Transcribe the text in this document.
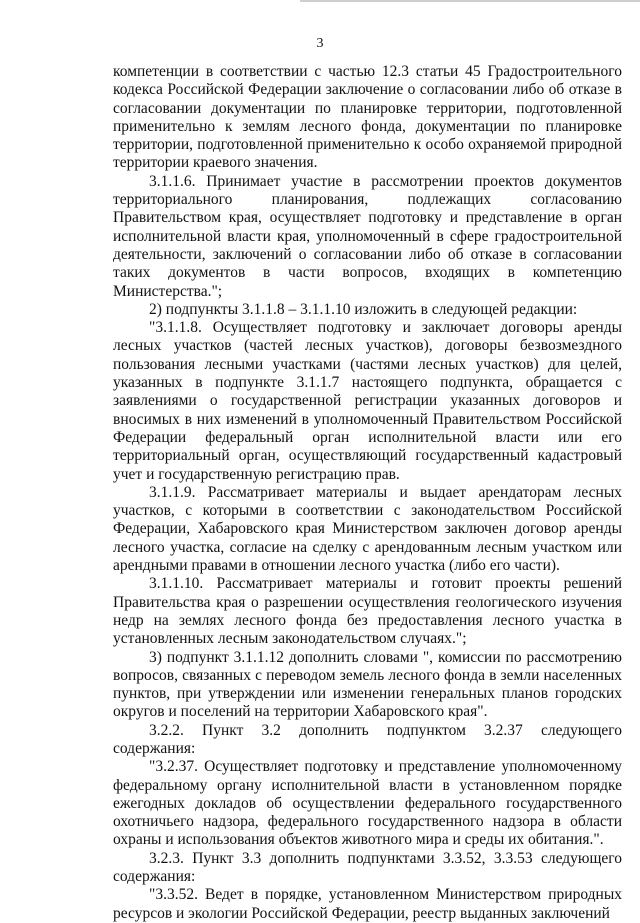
3

компетенции в соответствии с частью 12.3 статьи 45 Градостроительного кодекса Российской Федерации заключение о согласовании либо об отказе в согласовании документации по планировке территории, подготовленной применительно к землям лесного фонда, документации по планировке территории, подготовленной применительно к особо охраняемой природной территории краевого значения.

3.1.1.6. Принимает участие в рассмотрении проектов документов территориального планирования, подлежащих согласованию Правительством края, осуществляет подготовку и представление в орган исполнительной власти края, уполномоченный в сфере градостроительной деятельности, заключений о согласовании либо об отказе в согласовании таких документов в части вопросов, входящих в компетенцию Министерства.";

2) подпункты 3.1.1.8 – 3.1.1.10 изложить в следующей редакции:

"3.1.1.8. Осуществляет подготовку и заключает договоры аренды лесных участков (частей лесных участков), договоры безвозмездного пользования лесными участками (частями лесных участков) для целей, указанных в подпункте 3.1.1.7 настоящего подпункта, обращается с заявлениями о государственной регистрации указанных договоров и вносимых в них изменений в уполномоченный Правительством Российской Федерации федеральный орган исполнительной власти или его территориальный орган, осуществляющий государственный кадастровый учет и государственную регистрацию прав.

3.1.1.9. Рассматривает материалы и выдает арендаторам лесных участков, с которыми в соответствии с законодательством Российской Федерации, Хабаровского края Министерством заключен договор аренды лесного участка, согласие на сделку с арендованным лесным участком или арендными правами в отношении лесного участка (либо его части).

3.1.1.10. Рассматривает материалы и готовит проекты решений Правительства края о разрешении осуществления геологического изучения недр на землях лесного фонда без предоставления лесного участка в установленных лесным законодательством случаях.";

3) подпункт 3.1.1.12 дополнить словами ", комиссии по рассмотрению вопросов, связанных с переводом земель лесного фонда в земли населенных пунктов, при утверждении или изменении генеральных планов городских округов и поселений на территории Хабаровского края".

3.2.2. Пункт 3.2 дополнить подпунктом 3.2.37 следующего содержания:

"3.2.37. Осуществляет подготовку и представление уполномоченному федеральному органу исполнительной власти в установленном порядке ежегодных докладов об осуществлении федерального государственного охотничьего надзора, федерального государственного надзора в области охраны и использования объектов животного мира и среды их обитания.".

3.2.3. Пункт 3.3 дополнить подпунктами 3.3.52, 3.3.53 следующего содержания:

"3.3.52. Ведет в порядке, установленном Министерством природных ресурсов и экологии Российской Федерации, реестр выданных заключений
